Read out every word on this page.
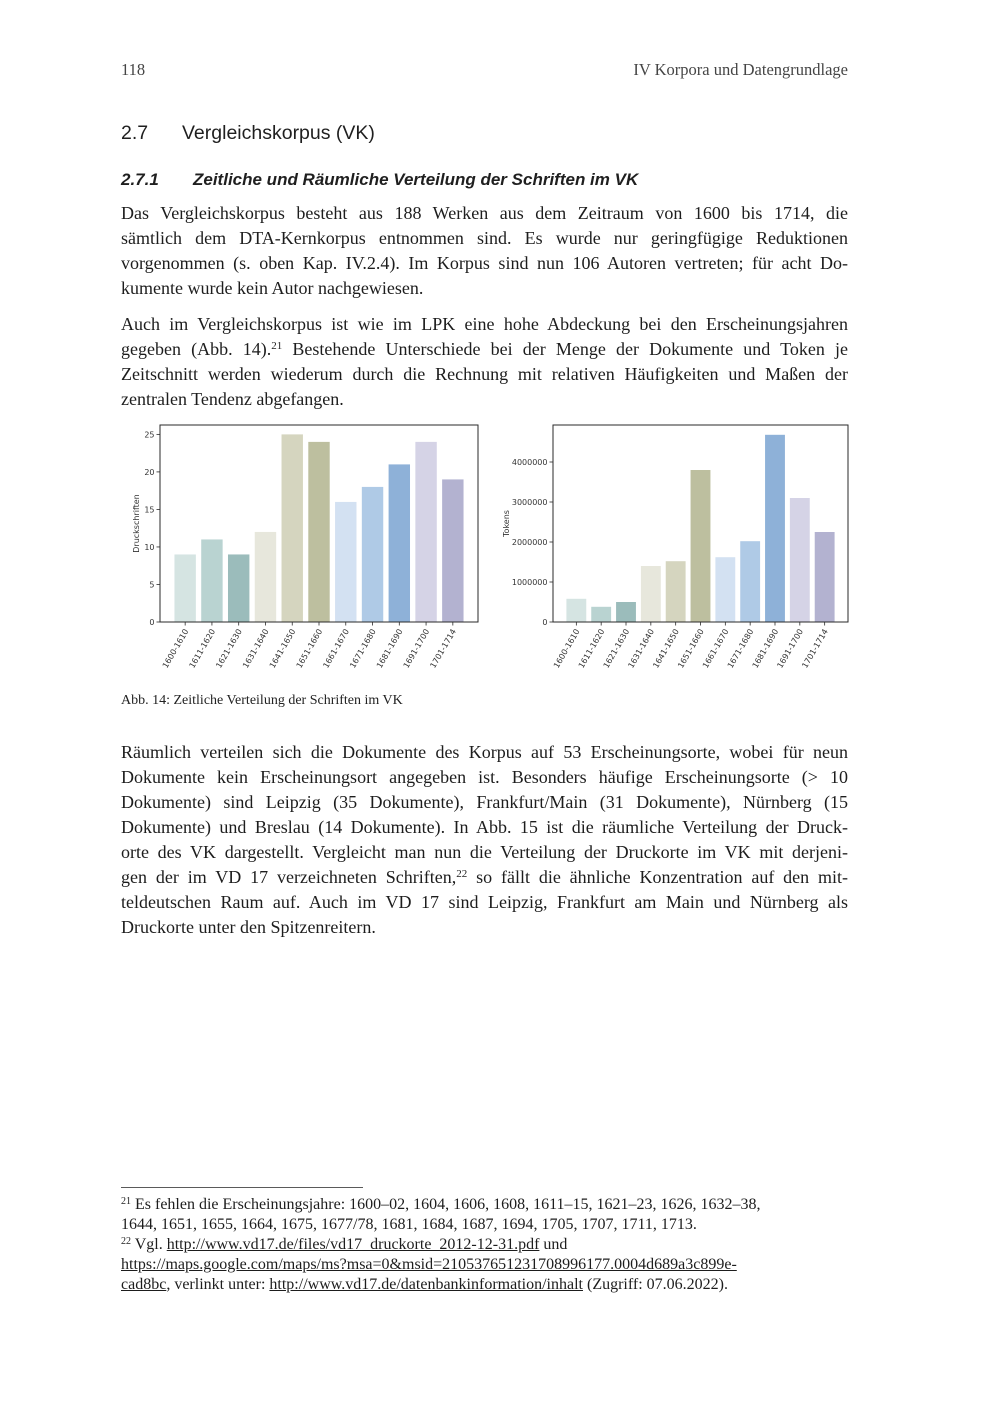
118	IV Korpora und Datengrundlage
2.7 Vergleichskorpus (VK)
2.7.1 Zeitliche und Räumliche Verteilung der Schriften im VK
Das Vergleichskorpus besteht aus 188 Werken aus dem Zeitraum von 1600 bis 1714, die
sämtlich dem DTA-Kernkorpus entnommen sind. Es wurde nur geringfügige Reduktionen
vorgenommen (s. oben Kap. IV.2.4). Im Korpus sind nun 106 Autoren vertreten; für acht Do-
kumente wurde kein Autor nachgewiesen.
Auch im Vergleichskorpus ist wie im LPK eine hohe Abdeckung bei den Erscheinungsjahren
gegeben (Abb. 14).$^{21}$ Bestehende Unterschiede bei der Menge der Dokumente und Token je
Zeitschnitt werden wiederum durch die Rechnung mit relativen Häufigkeiten und Maßen der
zentralen Tendenz abgefangen.
0
5
10
15
20
25
1600-1610
1611-1620
1621-1630
1631-1640
1641-1650
1651-1660
1661-1670
1671-1680
1681-1690
1691-1700
1701-1714
Druckschriften
0
1000000
2000000
3000000
4000000
1600-1610
1611-1620
1621-1630
1631-1640
1641-1650
1651-1660
1661-1670
1671-1680
1681-1690
1691-1700
1701-1714
Tokens
Abb. 14: Zeitliche Verteilung der Schriften im VK
Räumlich verteilen sich die Dokumente des Korpus auf 53 Erscheinungsorte, wobei für neun
Dokumente kein Erscheinungsort angegeben ist. Besonders häufige Erscheinungsorte (> 10
Dokumente) sind Leipzig (35 Dokumente), Frankfurt/Main (31 Dokumente), Nürnberg (15
Dokumente) und Breslau (14 Dokumente). In Abb. 15 ist die räumliche Verteilung der Druck-
orte des VK dargestellt. Vergleicht man nun die Verteilung der Druckorte im VK mit derjeni-
gen der im VD 17 verzeichneten Schriften,$^{22}$ so fällt die ähnliche Konzentration auf den mit-
teldeutschen Raum auf. Auch im VD 17 sind Leipzig, Frankfurt am Main und Nürnberg als
Druckorte unter den Spitzenreitern.
$^{21}$ Es fehlen die Erscheinungsjahre: 1600–02, 1604, 1606, 1608, 1611–15, 1621–23, 1626, 1632–38,
1644, 1651, 1655, 1664, 1675, 1677/78, 1681, 1684, 1687, 1694, 1705, 1707, 1711, 1713.
$^{22}$ Vgl. http://www.vd17.de/files/vd17_druckorte_2012-12-31.pdf und
https://maps.google.com/maps/ms?msa=0&msid=210537651231708996177.0004d689a3c899e-
cad8bc, verlinkt unter: http://www.vd17.de/datenbankinformation/inhalt (Zugriff: 07.06.2022).
